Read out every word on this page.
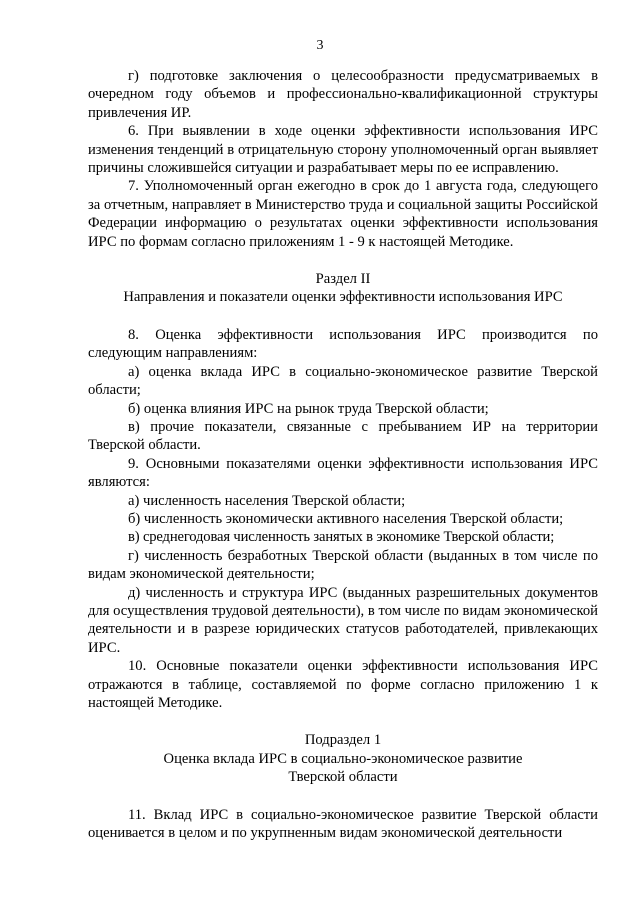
3

г) подготовке заключения о целесообразности предусматриваемых в очередном году объемов и профессионально-квалификационной структуры привлечения ИР.

6. При выявлении в ходе оценки эффективности использования ИРС изменения тенденций в отрицательную сторону уполномоченный орган выявляет причины сложившейся ситуации и разрабатывает меры по ее исправлению.

7. Уполномоченный орган ежегодно в срок до 1 августа года, следующего за отчетным, направляет в Министерство труда и социальной защиты Российской Федерации информацию о результатах оценки эффективности использования ИРС по формам согласно приложениям 1 - 9 к настоящей Методике.

Раздел II

Направления и показатели оценки эффективности использования ИРС

8. Оценка эффективности использования ИРС производится по следующим направлениям:

а) оценка вклада ИРС в социально-экономическое развитие Тверской области;

б) оценка влияния ИРС на рынок труда Тверской области;

в) прочие показатели, связанные с пребыванием ИР на территории Тверской области.

9. Основными показателями оценки эффективности использования ИРС являются:

а) численность населения Тверской области;

б) численность экономически активного населения Тверской области;

в) среднегодовая численность занятых в экономике Тверской области;

г) численность безработных Тверской области (выданных в том числе по видам экономической деятельности;

д) численность и структура ИРС (выданных разрешительных документов для осуществления трудовой деятельности), в том числе по видам экономической деятельности и в разрезе юридических статусов работодателей, привлекающих ИРС.

10. Основные показатели оценки эффективности использования ИРС отражаются в таблице, составляемой по форме согласно приложению 1 к настоящей Методике.

Подраздел 1

Оценка вклада ИРС в социально-экономическое развитие

Тверской области

11. Вклад ИРС в социально-экономическое развитие Тверской области оценивается в целом и по укрупненным видам экономической деятельности
